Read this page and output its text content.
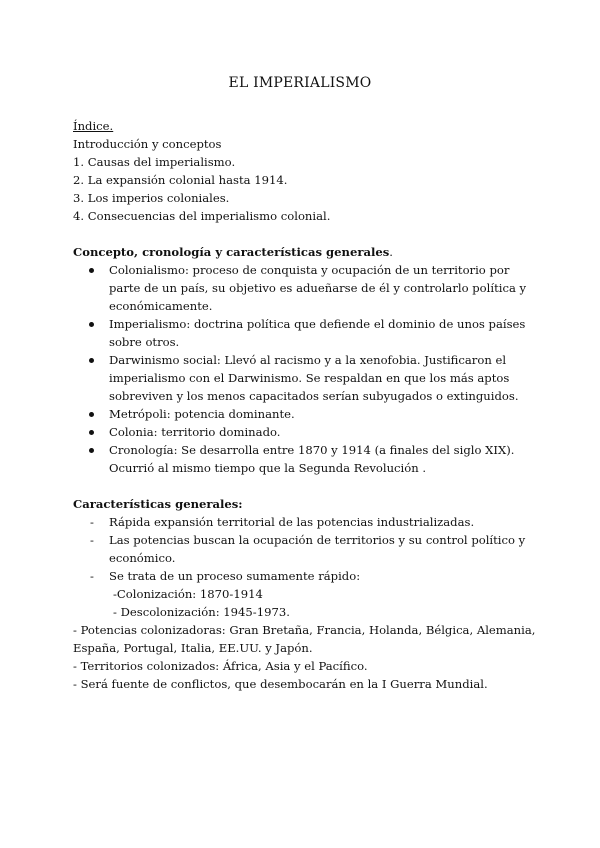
EL IMPERIALISMO
Índice.
Introducción y conceptos
1. Causas del imperialismo.
2. La expansión colonial hasta 1914.
3. Los imperios coloniales.
4. Consecuencias del imperialismo colonial.
Concepto, cronología y características generales.
Colonialismo: proceso de conquista y ocupación de un territorio por parte de un país, su objetivo es adueñarse de él y controlarlo política y económicamente.
Imperialismo: doctrina política que defiende el dominio de unos países sobre otros.
Darwinismo social: Llevó al racismo y a la xenofobia. Justificaron el imperialismo con el Darwinismo. Se respaldan en que los más aptos sobreviven y los menos capacitados serían subyugados o extinguidos.
Metrópoli: potencia dominante.
Colonia: territorio dominado.
Cronología: Se desarrolla entre 1870 y 1914 (a finales del siglo XIX). Ocurrió al mismo tiempo que la Segunda Revolución .
Características generales:
- Rápida expansión territorial de las potencias industrializadas.
- Las potencias buscan la ocupación de territorios y su control político y económico.
- Se trata de un proceso sumamente rápido:
-Colonización: 1870-1914
- Descolonización: 1945-1973.
- Potencias colonizadoras: Gran Bretaña, Francia, Holanda, Bélgica, Alemania, España, Portugal, Italia, EE.UU. y Japón.
- Territorios colonizados: África, Asia y el Pacífico.
- Será fuente de conflictos, que desembocarán en la I Guerra Mundial.
